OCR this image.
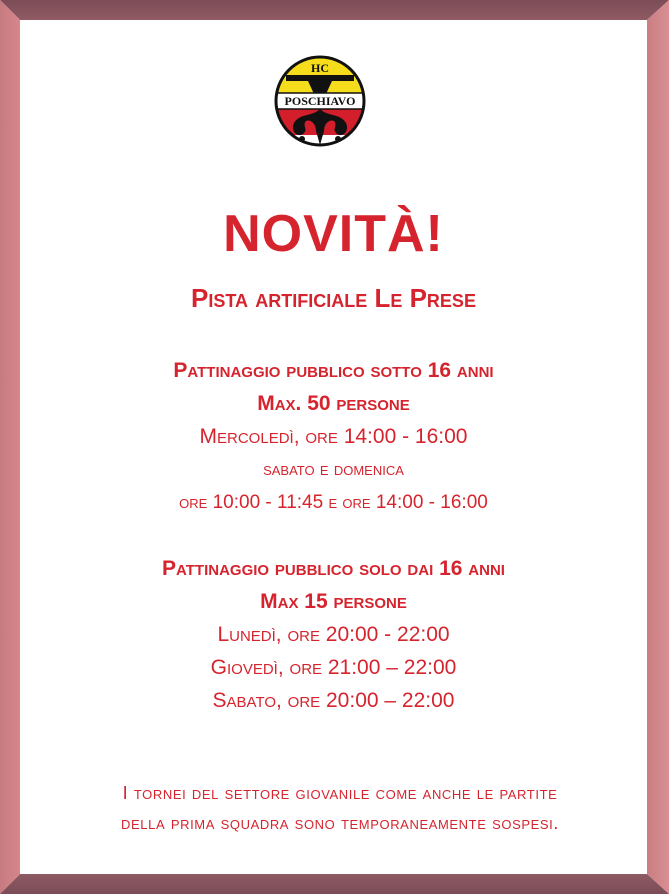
HC
POSCHIAVO
NOVITÀ!
Pista artificiale Le Prese
Pattinaggio pubblico sotto 16 anni
Max. 50 persone
Mercoledì, ore 14:00 - 16:00
sabato e domenica
ore 10:00 - 11:45 e ore 14:00 - 16:00
Pattinaggio pubblico solo dai 16 anni
Max 15 persone
Lunedì, ore 20:00 - 22:00
Giovedì, ore 21:00 – 22:00
Sabato, ore 20:00 – 22:00
I tornei del settore giovanile come anche le partite
della prima squadra sono temporaneamente sospesi.
